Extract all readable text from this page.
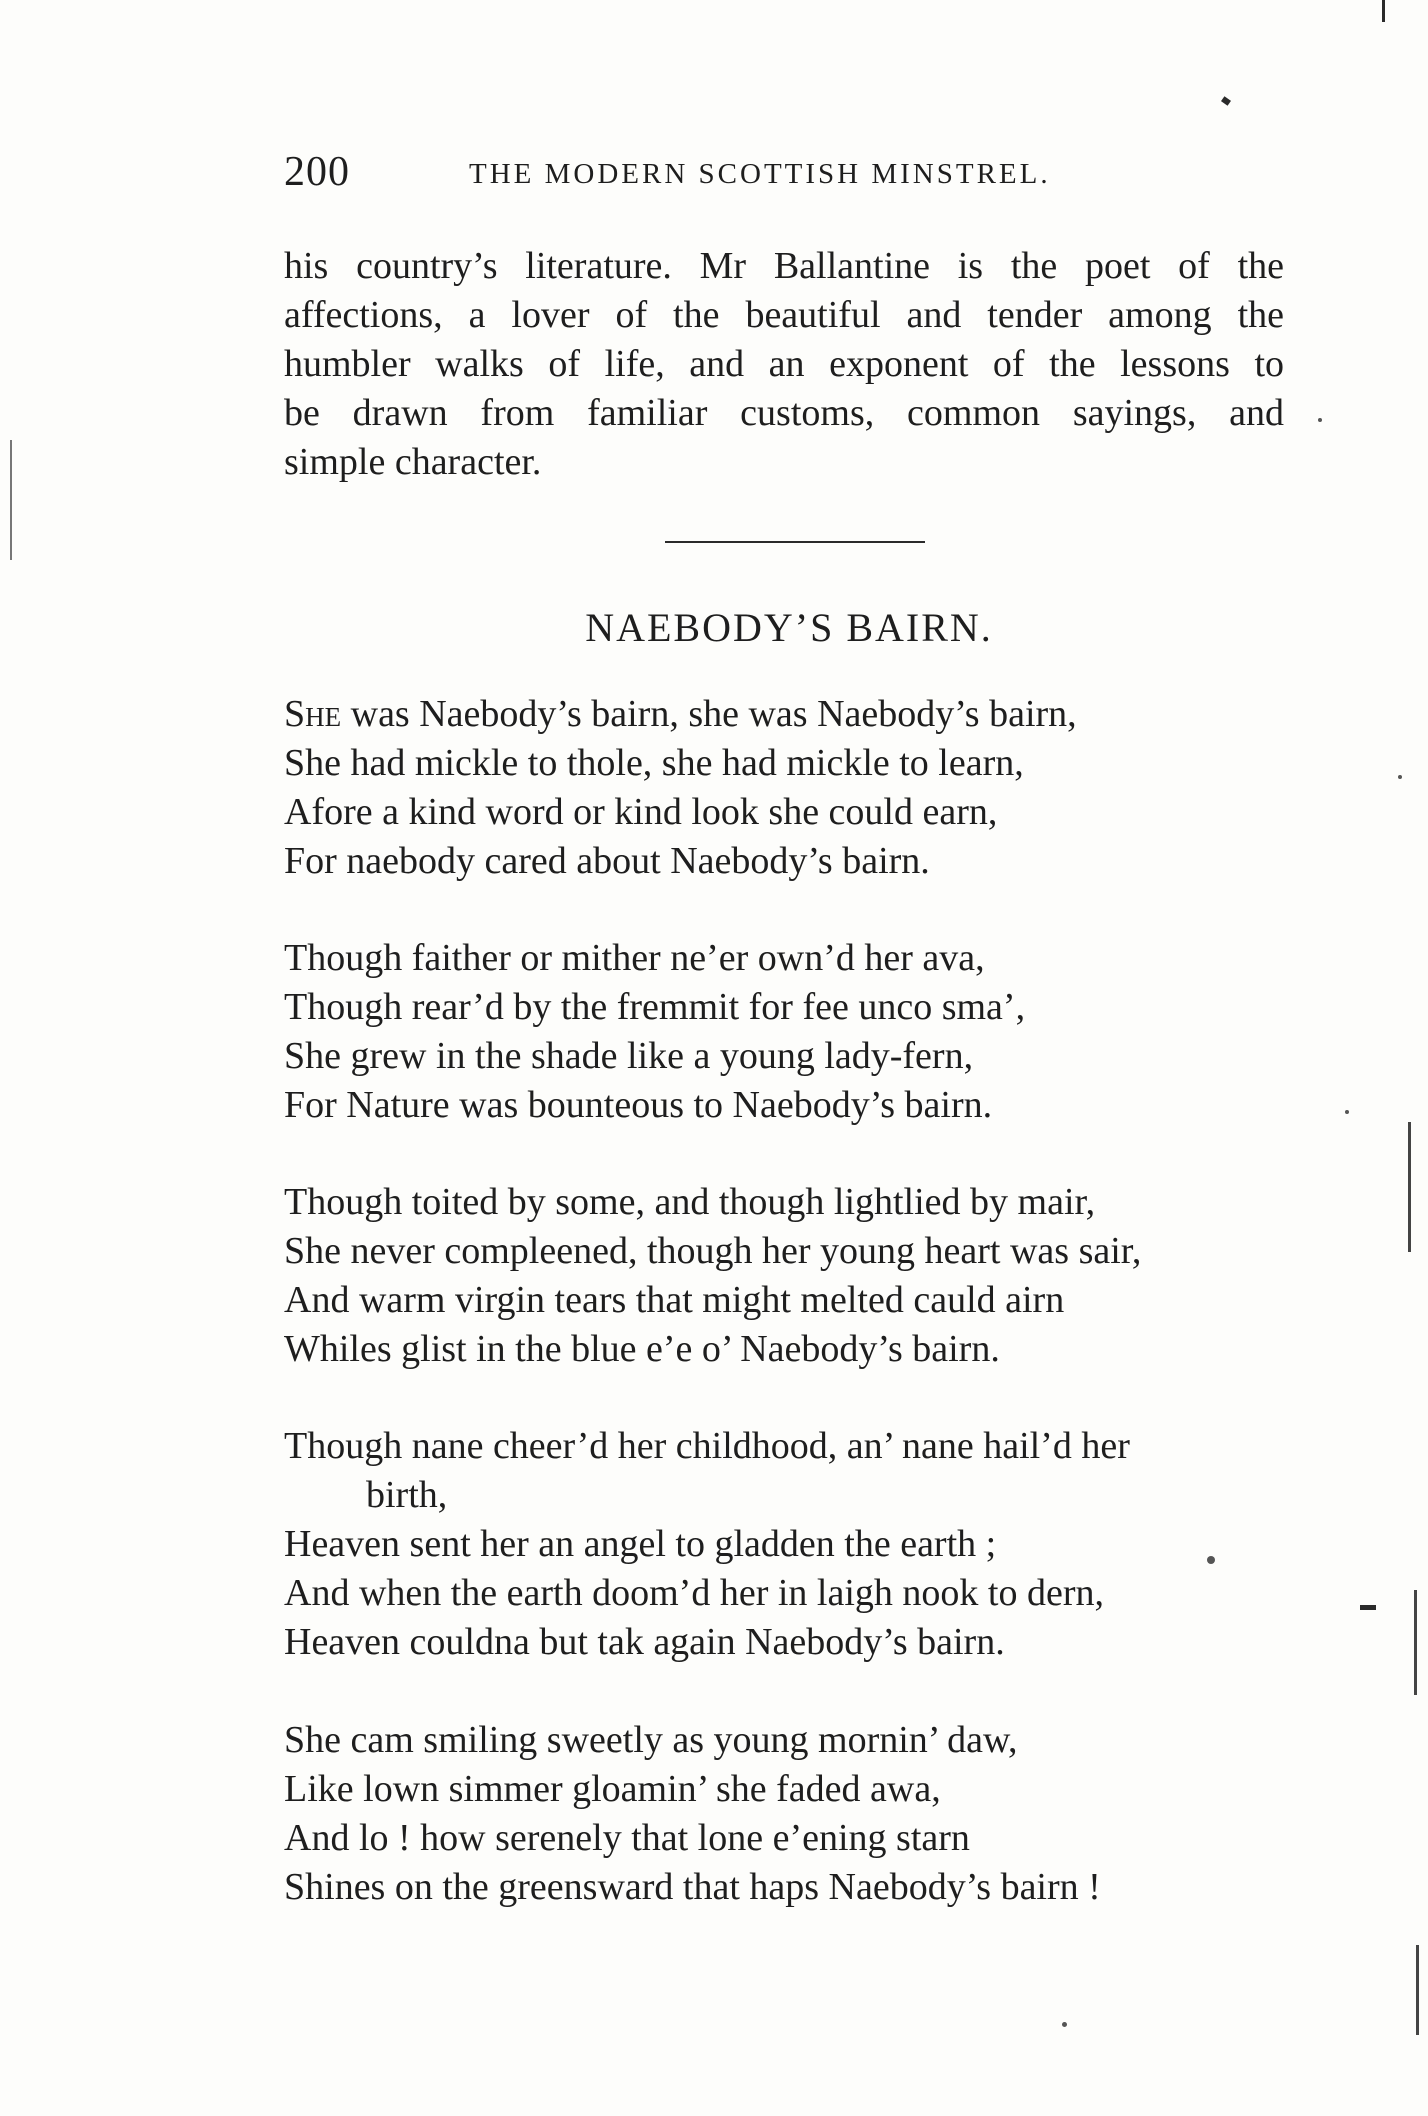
200	THE MODERN SCOTTISH MINSTREL.
his country’s literature. Mr Ballantine is the poet of the
affections, a lover of the beautiful and tender among the
humbler walks of life, and an exponent of the lessons to
be drawn from familiar customs, common sayings, and
simple character.
NAEBODY’S BAIRN.
She was Naebody’s bairn, she was Naebody’s bairn,
She had mickle to thole, she had mickle to learn,
Afore a kind word or kind look she could earn,
For naebody cared about Naebody’s bairn.
Though faither or mither ne’er own’d her ava,
Though rear’d by the fremmit for fee unco sma’,
She grew in the shade like a young lady-fern,
For Nature was bounteous to Naebody’s bairn.
Though toited by some, and though lightlied by mair,
She never compleened, though her young heart was sair,
And warm virgin tears that might melted cauld airn
Whiles glist in the blue e’e o’ Naebody’s bairn.
Though nane cheer’d her childhood, an’ nane hail’d her
birth,
Heaven sent her an angel to gladden the earth ;
And when the earth doom’d her in laigh nook to dern,
Heaven couldna but tak again Naebody’s bairn.
She cam smiling sweetly as young mornin’ daw,
Like lown simmer gloamin’ she faded awa,
And lo ! how serenely that lone e’ening starn
Shines on the greensward that haps Naebody’s bairn !
